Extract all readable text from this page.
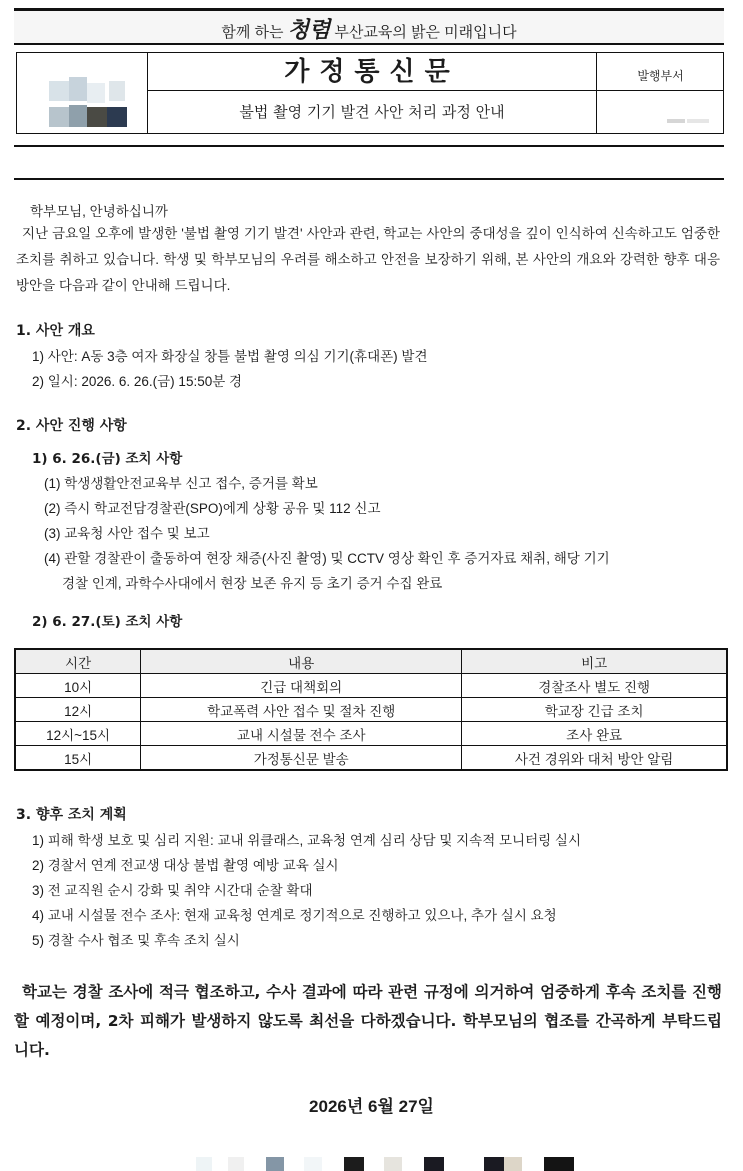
함께 하는 청렴 부산교육의 밝은 미래입니다
가정통신문
불법 촬영 기기 발견 사안 처리 과정 안내
발행부서
학부모님, 안녕하십니까
지난 금요일 오후에 발생한 '불법 촬영 기기 발견' 사안과 관련, 학교는 사안의 중대성을 깊이 인식하여 신속하고도 엄중한 조치를 취하고 있습니다. 학생 및 학부모님의 우려를 해소하고 안전을 보장하기 위해, 본 사안의 개요와 강력한 향후 대응 방안을 다음과 같이 안내해 드립니다.
1. 사안 개요
1) 사안: A동 3층 여자 화장실 창틀 불법 촬영 의심 기기(휴대폰) 발견
2) 일시: 2026. 6. 26.(금) 15:50분 경
2. 사안 진행 사항
1) 6. 26.(금) 조치 사항
(1) 학생생활안전교육부 신고 접수, 증거를 확보
(2) 즉시 학교전담경찰관(SPO)에게 상황 공유 및 112 신고
(3) 교육청 사안 접수 및 보고
(4) 관할 경찰관이 출동하여 현장 채증(사진 촬영) 및 CCTV 영상 확인 후 증거자료 채취, 해당 기기
경찰 인계, 과학수사대에서 현장 보존 유지 등 초기 증거 수집 완료
2) 6. 27.(토) 조치 사항
시간	내용	비고
10시	긴급 대책회의	경찰조사 별도 진행
12시	학교폭력 사안 접수 및 절차 진행	학교장 긴급 조치
12시~15시	교내 시설물 전수 조사	조사 완료
15시	가정통신문 발송	사건 경위와 대처 방안 알림
3. 향후 조치 계획
1) 피해 학생 보호 및 심리 지원: 교내 위클래스, 교육청 연계 심리 상담 및 지속적 모니터링 실시
2) 경찰서 연계 전교생 대상 불법 촬영 예방 교육 실시
3) 전 교직원 순시 강화 및 취약 시간대 순찰 확대
4) 교내 시설물 전수 조사: 현재 교육청 연계로 정기적으로 진행하고 있으나, 추가 실시 요청
5) 경찰 수사 협조 및 후속 조치 실시
학교는 경찰 조사에 적극 협조하고, 수사 결과에 따라 관련 규정에 의거하여 엄중하게 후속 조치를 진행할 예정이며, 2차 피해가 발생하지 않도록 최선을 다하겠습니다. 학부모님의 협조를 간곡하게 부탁드립니다.
2026년 6월 27일
